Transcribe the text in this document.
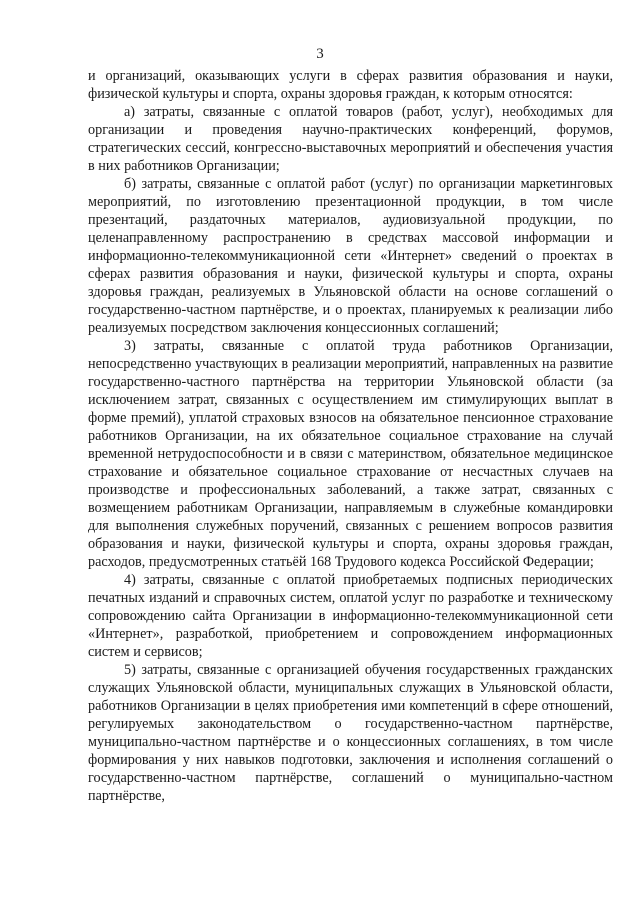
3

и организаций, оказывающих услуги в сферах развития образования и науки, физической культуры и спорта, охраны здоровья граждан, к которым относятся:

а) затраты, связанные с оплатой товаров (работ, услуг), необходимых для организации и проведения научно-практических конференций, форумов, стратегических сессий, конгрессно-выставочных мероприятий и обеспечения участия в них работников Организации;

б) затраты, связанные с оплатой работ (услуг) по организации маркетинговых мероприятий, по изготовлению презентационной продукции, в том числе презентаций, раздаточных материалов, аудиовизуальной продукции, по целенаправленному распространению в средствах массовой информации и информационно-телекоммуникационной сети «Интернет» сведений о проектах в сферах развития образования и науки, физической культуры и спорта, охраны здоровья граждан, реализуемых в Ульяновской области на основе соглашений о государственно-частном партнёрстве, и о проектах, планируемых к реализации либо реализуемых посредством заключения концессионных соглашений;

3) затраты, связанные с оплатой труда работников Организации, непосредственно участвующих в реализации мероприятий, направленных на развитие государственно-частного партнёрства на территории Ульяновской области (за исключением затрат, связанных с осуществлением им стимулирующих выплат в форме премий), уплатой страховых взносов на обязательное пенсионное страхование работников Организации, на их обязательное социальное страхование на случай временной нетрудоспособности и в связи с материнством, обязательное медицинское страхование и обязательное социальное страхование от несчастных случаев на производстве и профессиональных заболеваний, а также затрат, связанных с возмещением работникам Организации, направляемым в служебные командировки для выполнения служебных поручений, связанных с решением вопросов развития образования и науки, физической культуры и спорта, охраны здоровья граждан, расходов, предусмотренных статьёй 168 Трудового кодекса Российской Федерации;

4) затраты, связанные с оплатой приобретаемых подписных периодических печатных изданий и справочных систем, оплатой услуг по разработке и техническому сопровождению сайта Организации в информационно-телекоммуникационной сети «Интернет», разработкой, приобретением и сопровождением информационных систем и сервисов;

5) затраты, связанные с организацией обучения государственных гражданских служащих Ульяновской области, муниципальных служащих в Ульяновской области, работников Организации в целях приобретения ими компетенций в сфере отношений, регулируемых законодательством о государственно-частном партнёрстве, муниципально-частном партнёрстве и о концессионных соглашениях, в том числе формирования у них навыков подготовки, заключения и исполнения соглашений о государственно-частном партнёрстве, соглашений о муниципально-частном партнёрстве,
